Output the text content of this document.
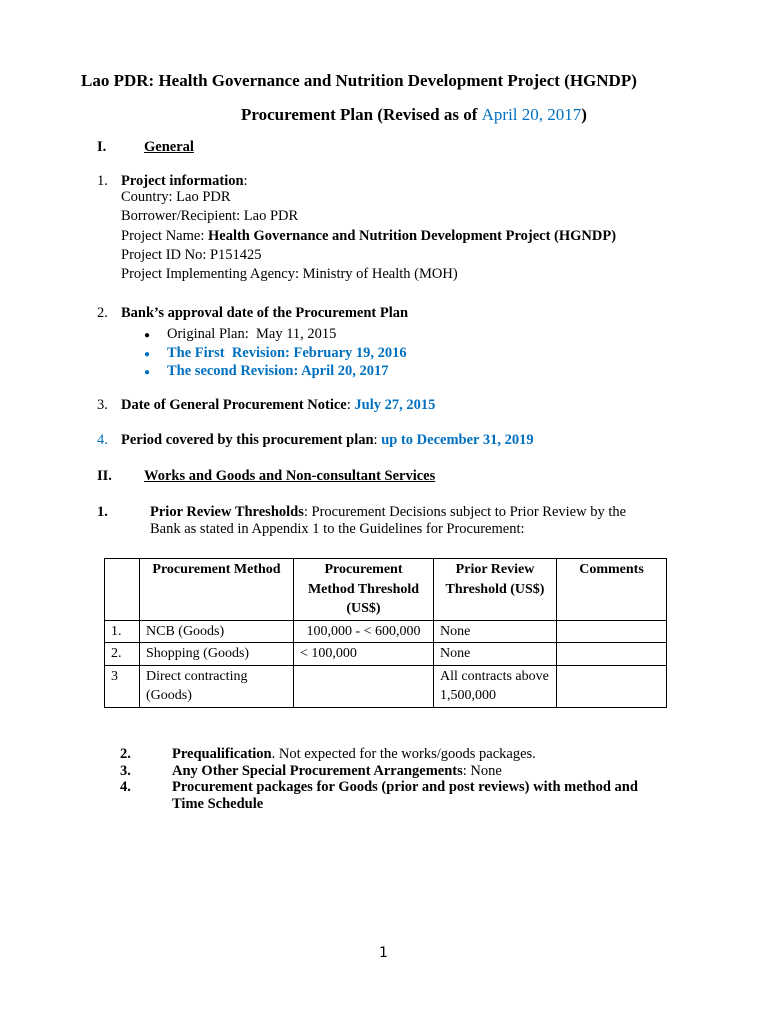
Lao PDR: Health Governance and Nutrition Development Project (HGNDP)
Procurement Plan (Revised as of April 20, 2017)
I.	General
1. Project information:
Country: Lao PDR
Borrower/Recipient: Lao PDR
Project Name: Health Governance and Nutrition Development Project (HGNDP)
Project ID No: P151425
Project Implementing Agency: Ministry of Health (MOH)
2. Bank’s approval date of the Procurement Plan
● Original Plan: May 11, 2015
● The First  Revision: February 19, 2016
● The second Revision: April 20, 2017
3. Date of General Procurement Notice: July 27, 2015
4. Period covered by this procurement plan: up to December 31, 2019
II. Works and Goods and Non-consultant Services
1.	Prior Review Thresholds: Procurement Decisions subject to Prior Review by the
Bank as stated in Appendix 1 to the Guidelines for Procurement:
	Procurement Method	Procurement Method Threshold (US$)	Prior Review Threshold (US$)	Comments
1.	NCB (Goods)	100,000 - < 600,000	None	
2.	Shopping (Goods)	< 100,000	None	
3	Direct contracting (Goods)		All contracts above 1,500,000	
2.	Prequalification. Not expected for the works/goods packages.
3.	Any Other Special Procurement Arrangements: None
4.	Procurement packages for Goods (prior and post reviews) with method and
Time Schedule
1
